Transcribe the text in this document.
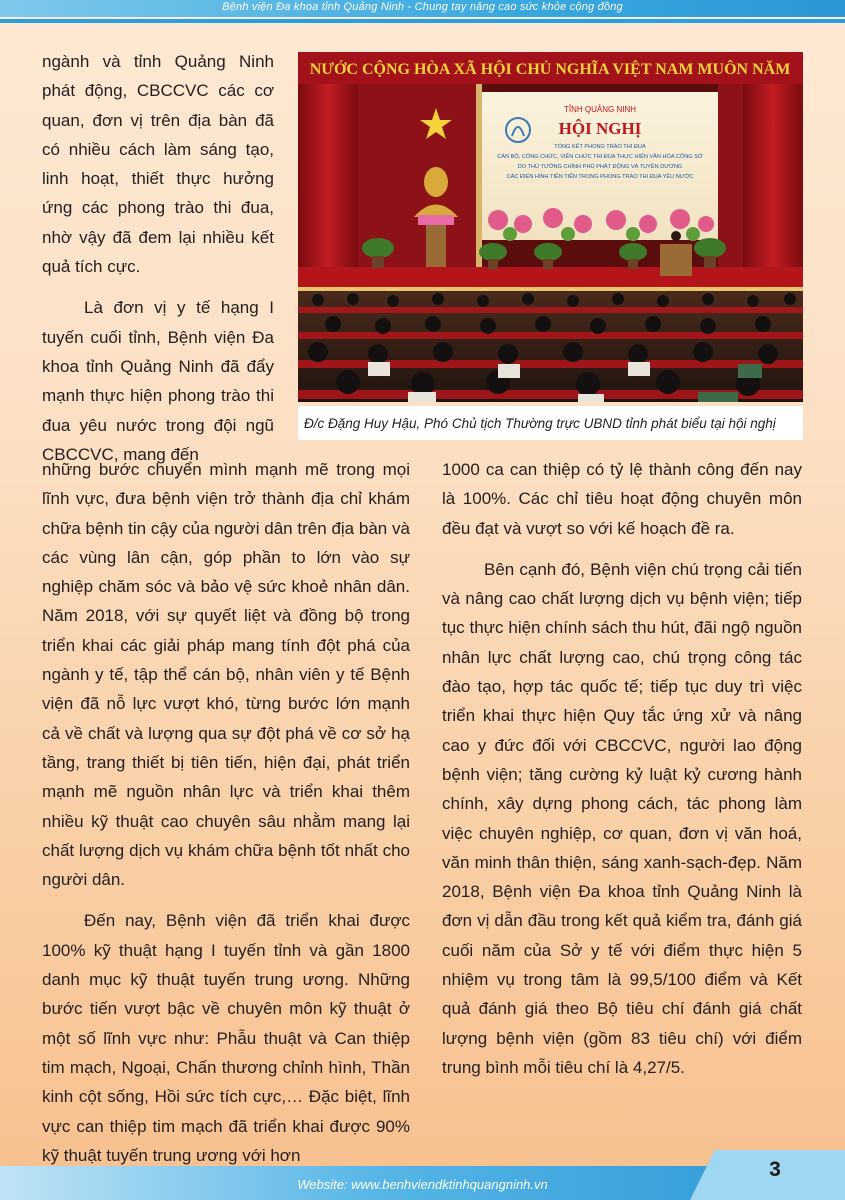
Bệnh viện Đa khoa tỉnh Quảng Ninh - Chung tay nâng cao sức khỏe cộng đồng

ngành và tỉnh Quảng Ninh phát động, CBCCVC các cơ quan, đơn vị trên địa bàn đã có nhiều cách làm sáng tạo, linh hoạt, thiết thực hưởng ứng các phong trào thi đua, nhờ vậy đã đem lại nhiều kết quả tích cực.

Là đơn vị y tế hạng I tuyến cuối tỉnh, Bệnh viện Đa khoa tỉnh Quảng Ninh đã đẩy mạnh thực hiện phong trào thi đua yêu nước trong đội ngũ CBCCVC, mang đến

NƯỚC CỘNG HÒA XÃ HỘI CHỦ NGHĨA VIỆT NAM MUÔN NĂM
TỈNH QUẢNG NINH
HỘI NGHỊ
TỔNG KẾT PHONG TRÀO THI ĐUA
CÁN BỘ, CÔNG CHỨC, VIÊN CHỨC THI ĐUA THỰC HIỆN VĂN HÓA CÔNG SỞ
DO THỦ TƯỚNG CHÍNH PHỦ PHÁT ĐỘNG VÀ TUYÊN DƯƠNG
CÁC ĐIỂN HÌNH TIÊN TIẾN TRONG PHONG TRÀO THI ĐUA YÊU NƯỚC
Đ/c Đặng Huy Hậu, Phó Chủ tịch Thường trực UBND tỉnh phát biểu tại hội nghị

những bước chuyển mình mạnh mẽ trong mọi lĩnh vực, đưa bệnh viện trở thành địa chỉ khám chữa bệnh tin cậy của người dân trên địa bàn và các vùng lân cận, góp phần to lớn vào sự nghiệp chăm sóc và bảo vệ sức khoẻ nhân dân. Năm 2018, với sự quyết liệt và đồng bộ trong triển khai các giải pháp mang tính đột phá của ngành y tế, tập thể cán bộ, nhân viên y tế Bệnh viện đã nỗ lực vượt khó, từng bước lớn mạnh cả về chất và lượng qua sự đột phá về cơ sở hạ tầng, trang thiết bị tiên tiến, hiện đại, phát triển mạnh mẽ nguồn nhân lực và triển khai thêm nhiều kỹ thuật cao chuyên sâu nhằm mang lại chất lượng dịch vụ khám chữa bệnh tốt nhất cho người dân.

Đến nay, Bệnh viện đã triển khai được 100% kỹ thuật hạng I tuyến tỉnh và gần 1800 danh mục kỹ thuật tuyến trung ương. Những bước tiến vượt bậc về chuyên môn kỹ thuật ở một số lĩnh vực như: Phẫu thuật và Can thiệp tim mạch, Ngoại, Chấn thương chỉnh hình, Thần kinh cột sống, Hồi sức tích cực,… Đặc biệt, lĩnh vực can thiệp tim mạch đã triển khai được 90% kỹ thuật tuyến trung ương với hơn

1000 ca can thiệp có tỷ lệ thành công đến nay là 100%. Các chỉ tiêu hoạt động chuyên môn đều đạt và vượt so với kế hoạch đề ra.

Bên cạnh đó, Bệnh viện chú trọng cải tiến và nâng cao chất lượng dịch vụ bệnh viện; tiếp tục thực hiện chính sách thu hút, đãi ngộ nguồn nhân lực chất lượng cao, chú trọng công tác đào tạo, hợp tác quốc tế; tiếp tục duy trì việc triển khai thực hiện Quy tắc ứng xử và nâng cao y đức đối với CBCCVC, người lao động bệnh viện; tăng cường kỷ luật kỷ cương hành chính, xây dựng phong cách, tác phong làm việc chuyên nghiệp, cơ quan, đơn vị văn hoá, văn minh thân thiện, sáng xanh-sạch-đẹp. Năm 2018, Bệnh viện Đa khoa tỉnh Quảng Ninh là đơn vị dẫn đầu trong kết quả kiểm tra, đánh giá cuối năm của Sở y tế với điểm thực hiện 5 nhiệm vụ trong tâm là 99,5/100 điểm và Kết quả đánh giá theo Bộ tiêu chí đánh giá chất lượng bệnh viện (gồm 83 tiêu chí) với điểm trung bình mỗi tiêu chí là 4,27/5.

3
Website: www.benhviendktinhquangninh.vn
